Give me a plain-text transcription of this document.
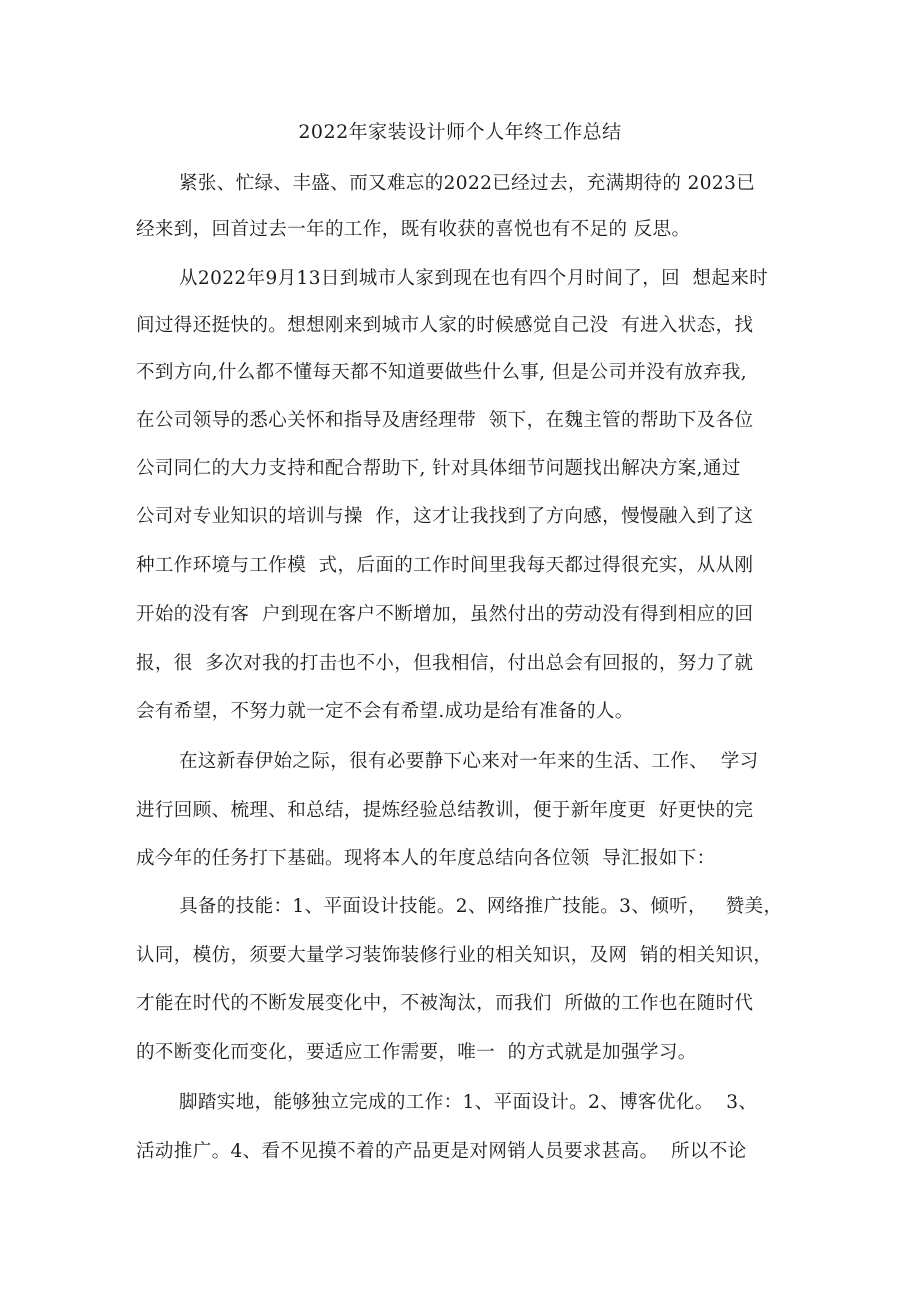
2022年家装设计师个人年终工作总结
紧张、忙绿、丰盛、而又难忘的2022已经过去，充满期待的 2023已
经来到，回首过去一年的工作，既有收获的喜悦也有不足的 反思。
从2022年9月13日到城市人家到现在也有四个月时间了，回  想起来时
间过得还挺快的。想想刚来到城市人家的时候感觉自己没  有进入状态，找
不到方向,什么都不懂每天都不知道要做些什么事, 但是公司并没有放弃我,
在公司领导的悉心关怀和指导及唐经理带  领下，在魏主管的帮助下及各位
公司同仁的大力支持和配合帮助下, 针对具体细节问题找出解决方案,通过
公司对专业知识的培训与操  作，这才让我找到了方向感，慢慢融入到了这
种工作环境与工作模  式，后面的工作时间里我每天都过得很充实，从从刚
开始的没有客  户到现在客户不断增加，虽然付出的劳动没有得到相应的回
报，很  多次对我的打击也不小，但我相信，付出总会有回报的，努力了就
会有希望，不努力就一定不会有希望.成功是给有准备的人。
在这新春伊始之际，很有必要静下心来对一年来的生活、工作、  学习
进行回顾、梳理、和总结，提炼经验总结教训，便于新年度更  好更快的完
成今年的任务打下基础。现将本人的年度总结向各位领  导汇报如下：
具备的技能：1、平面设计技能。2、网络推广技能。3、倾听，   赞美，
认同，模仿，须要大量学习装饰装修行业的相关知识，及网  销的相关知识，
才能在时代的不断发展变化中，不被淘汰，而我们  所做的工作也在随时代
的不断变化而变化，要适应工作需要，唯一  的方式就是加强学习。
脚踏实地，能够独立完成的工作：1、平面设计。2、博客优化。  3、
活动推广。4、看不见摸不着的产品更是对网销人员要求甚高。  所以不论
